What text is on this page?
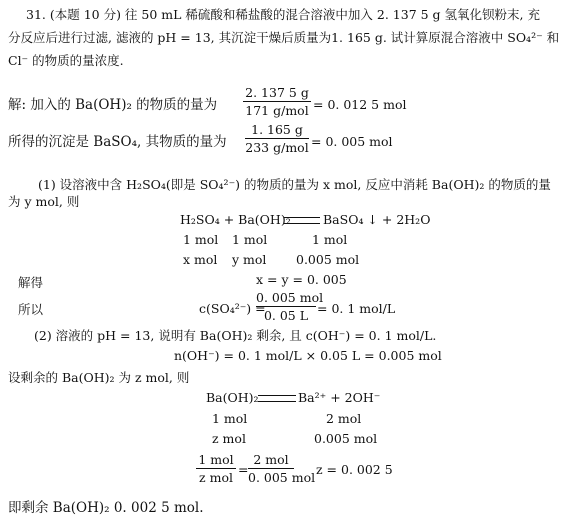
31. (本题 10 分) 往 50 mL 稀硫酸和稀盐酸的混合溶液中加入 2. 137 5 g 氢氧化钡粉末, 充
分反应后进行过滤, 滤液的 pH = 13, 其沉淀干燥后质量为1. 165 g. 试计算原混合溶液中 SO₄²⁻ 和
Cl⁻ 的物质的量浓度.
解: 加入的 Ba(OH)₂ 的物质的量为
2. 137 5 g
171 g/mol = 0. 012 5 mol
所得的沉淀是 BaSO₄, 其物质的量为
1. 165 g
233 g/mol = 0. 005 mol
(1) 设溶液中含 H₂SO₄(即是 SO₄²⁻) 的物质的量为 x mol, 反应中消耗 Ba(OH)₂ 的物质的量
为 y mol, 则
H₂SO₄ + Ba(OH)₂	BaSO₄ ↓ + 2H₂O
1 mol 1 mol	1 mol
x mol y mol 0.005 mol
解得	x = y = 0. 005
所以	c(SO₄²⁻) =
0. 005 mol
0. 05 L = 0. 1 mol/L
(2) 溶液的 pH = 13, 说明有 Ba(OH)₂ 剩余, 且 c(OH⁻) = 0. 1 mol/L.
n(OH⁻) = 0. 1 mol/L × 0.05 L = 0.005 mol
设剩余的 Ba(OH)₂ 为 z mol, 则
Ba(OH)₂	Ba²⁺ + 2OH⁻
1 mol	2 mol
z mol	0.005 mol
1 mol
z mol
=
2 mol
0. 005 mol
z = 0. 002 5
即剩余 Ba(OH)₂ 0. 002 5 mol.
